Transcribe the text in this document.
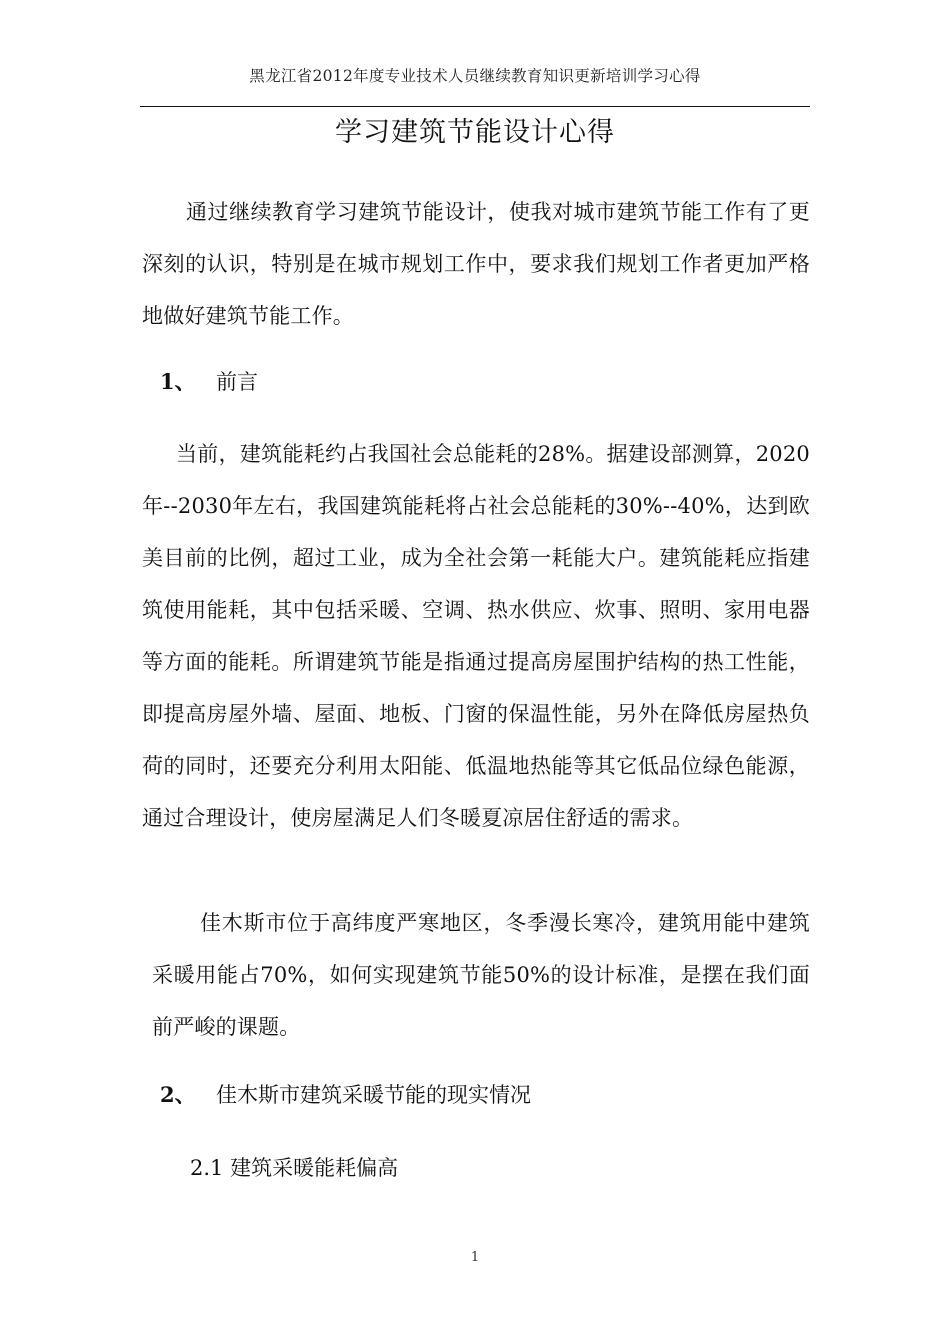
黑龙江省2012年度专业技术人员继续教育知识更新培训学习心得
学习建筑节能设计心得
通过继续教育学习建筑节能设计，使我对城市建筑节能工作有了更深刻的认识，特别是在城市规划工作中，要求我们规划工作者更加严格地做好建筑节能工作。
1、 前言
当前，建筑能耗约占我国社会总能耗的28%。据建设部测算，2020年--2030年左右，我国建筑能耗将占社会总能耗的30%--40%，达到欧美目前的比例，超过工业，成为全社会第一耗能大户。建筑能耗应指建筑使用能耗，其中包括采暖、空调、热水供应、炊事、照明、家用电器等方面的能耗。所谓建筑节能是指通过提高房屋围护结构的热工性能，即提高房屋外墙、屋面、地板、门窗的保温性能，另外在降低房屋热负荷的同时，还要充分利用太阳能、低温地热能等其它低品位绿色能源，通过合理设计，使房屋满足人们冬暖夏凉居住舒适的需求。
佳木斯市位于高纬度严寒地区，冬季漫长寒冷，建筑用能中建筑采暖用能占70%，如何实现建筑节能50%的设计标准，是摆在我们面前严峻的课题。
2、 佳木斯市建筑采暖节能的现实情况
2.1 建筑采暖能耗偏高
1
